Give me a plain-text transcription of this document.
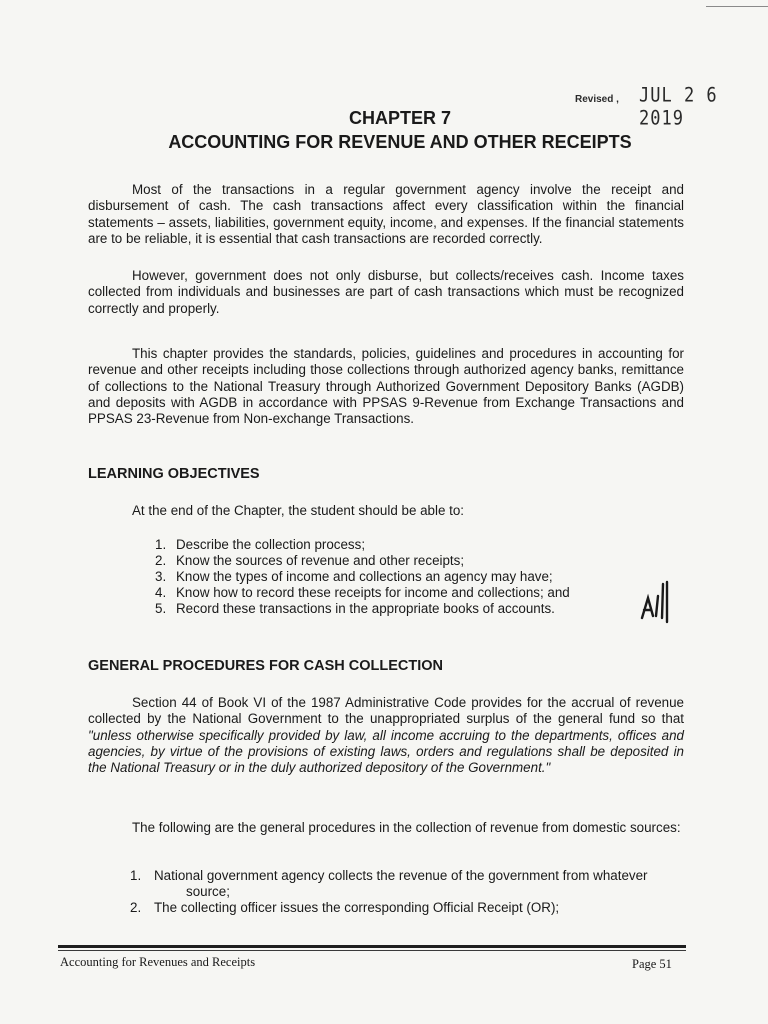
Revised , JUL 2 6 2019
CHAPTER 7
ACCOUNTING FOR REVENUE AND OTHER RECEIPTS

Most of the transactions in a regular government agency involve the receipt and disbursement of cash. The cash transactions affect every classification within the financial statements – assets, liabilities, government equity, income, and expenses. If the financial statements are to be reliable, it is essential that cash transactions are recorded correctly.

However, government does not only disburse, but collects/receives cash. Income taxes collected from individuals and businesses are part of cash transactions which must be recognized correctly and properly.

This chapter provides the standards, policies, guidelines and procedures in accounting for revenue and other receipts including those collections through authorized agency banks, remittance of collections to the National Treasury through Authorized Government Depository Banks (AGDB) and deposits with AGDB in accordance with PPSAS 9-Revenue from Exchange Transactions and PPSAS 23-Revenue from Non-exchange Transactions.

LEARNING OBJECTIVES
At the end of the Chapter, the student should be able to:
1. Describe the collection process;
2. Know the sources of revenue and other receipts;
3. Know the types of income and collections an agency may have;
4. Know how to record these receipts for income and collections; and
5. Record these transactions in the appropriate books of accounts.
GENERAL PROCEDURES FOR CASH COLLECTION

Section 44 of Book VI of the 1987 Administrative Code provides for the accrual of revenue collected by the National Government to the unappropriated surplus of the general fund so that "unless otherwise specifically provided by law, all income accruing to the departments, offices and agencies, by virtue of the provisions of existing laws, orders and regulations shall be deposited in the National Treasury or in the duly authorized depository of the Government."

The following are the general procedures in the collection of revenue from domestic sources:

1. National government agency collects the revenue of the government from whatever
source;
2. The collecting officer issues the corresponding Official Receipt (OR);
Accounting for Revenues and Receipts	Page 51
